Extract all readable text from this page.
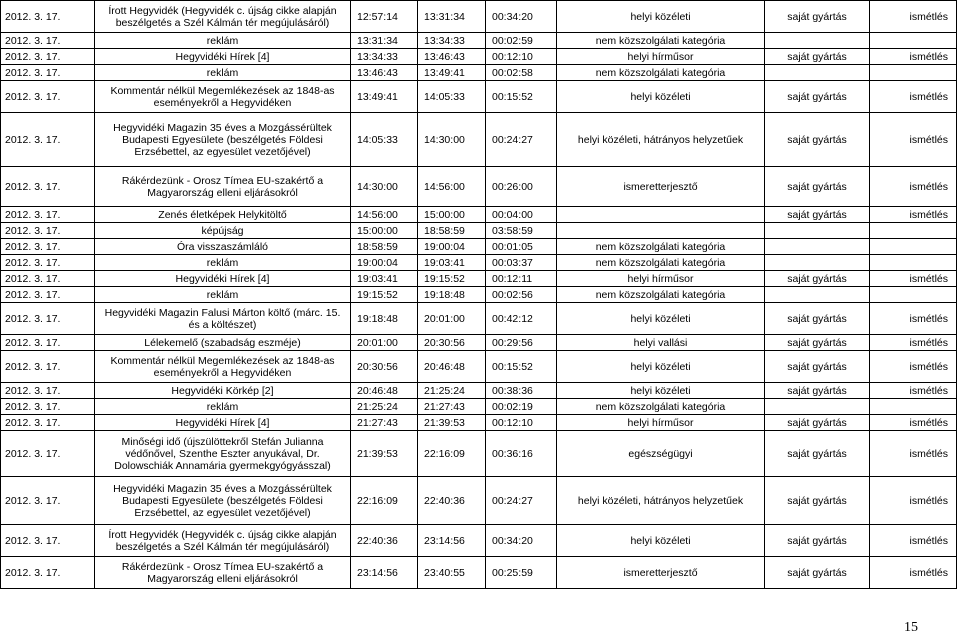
2012. 3. 17.	Írott Hegyvidék (Hegyvidék c. újság cikke alapján beszélgetés a Szél Kálmán tér megújulásáról)	12:57:14	13:31:34	00:34:20	helyi közéleti	saját gyártás	ismétlés
2012. 3. 17.	reklám	13:31:34	13:34:33	00:02:59	nem közszolgálati kategória		
2012. 3. 17.	Hegyvidéki Hírek [4]	13:34:33	13:46:43	00:12:10	helyi hírműsor	saját gyártás	ismétlés
2012. 3. 17.	reklám	13:46:43	13:49:41	00:02:58	nem közszolgálati kategória		
2012. 3. 17.	Kommentár nélkül Megemlékezések az 1848-as eseményekről a Hegyvidéken	13:49:41	14:05:33	00:15:52	helyi közéleti	saját gyártás	ismétlés
2012. 3. 17.	Hegyvidéki Magazin 35 éves a Mozgássérültek Budapesti Egyesülete (beszélgetés Földesi Erzsébettel, az egyesület vezetőjével)	14:05:33	14:30:00	00:24:27	helyi közéleti, hátrányos helyzetűek	saját gyártás	ismétlés
2012. 3. 17.	Rákérdezünk - Orosz Tímea EU-szakértő a Magyarország elleni eljárásokról	14:30:00	14:56:00	00:26:00	ismeretterjesztő	saját gyártás	ismétlés
2012. 3. 17.	Zenés életképek Helykitöltő	14:56:00	15:00:00	00:04:00		saját gyártás	ismétlés
2012. 3. 17.	képújság	15:00:00	18:58:59	03:58:59			
2012. 3. 17.	Óra visszaszámláló	18:58:59	19:00:04	00:01:05	nem közszolgálati kategória		
2012. 3. 17.	reklám	19:00:04	19:03:41	00:03:37	nem közszolgálati kategória		
2012. 3. 17.	Hegyvidéki Hírek [4]	19:03:41	19:15:52	00:12:11	helyi hírműsor	saját gyártás	ismétlés
2012. 3. 17.	reklám	19:15:52	19:18:48	00:02:56	nem közszolgálati kategória		
2012. 3. 17.	Hegyvidéki Magazin Falusi Márton költő (márc. 15. és a költészet)	19:18:48	20:01:00	00:42:12	helyi közéleti	saját gyártás	ismétlés
2012. 3. 17.	Lélekemelő (szabadság eszméje)	20:01:00	20:30:56	00:29:56	helyi vallási	saját gyártás	ismétlés
2012. 3. 17.	Kommentár nélkül Megemlékezések az 1848-as eseményekről a Hegyvidéken	20:30:56	20:46:48	00:15:52	helyi közéleti	saját gyártás	ismétlés
2012. 3. 17.	Hegyvidéki Körkép [2]	20:46:48	21:25:24	00:38:36	helyi közéleti	saját gyártás	ismétlés
2012. 3. 17.	reklám	21:25:24	21:27:43	00:02:19	nem közszolgálati kategória		
2012. 3. 17.	Hegyvidéki Hírek [4]	21:27:43	21:39:53	00:12:10	helyi hírműsor	saját gyártás	ismétlés
2012. 3. 17.	Minőségi idő (újszülöttekről Stefán Julianna védőnővel, Szenthe Eszter anyukával, Dr. Dolowschiák Annamária gyermekgyógyásszal)	21:39:53	22:16:09	00:36:16	egészségügyi	saját gyártás	ismétlés
2012. 3. 17.	Hegyvidéki Magazin 35 éves a Mozgássérültek Budapesti Egyesülete (beszélgetés Földesi Erzsébettel, az egyesület vezetőjével)	22:16:09	22:40:36	00:24:27	helyi közéleti, hátrányos helyzetűek	saját gyártás	ismétlés
2012. 3. 17.	Írott Hegyvidék (Hegyvidék c. újság cikke alapján beszélgetés a Szél Kálmán tér megújulásáról)	22:40:36	23:14:56	00:34:20	helyi közéleti	saját gyártás	ismétlés
2012. 3. 17.	Rákérdezünk - Orosz Tímea EU-szakértő a Magyarország elleni eljárásokról	23:14:56	23:40:55	00:25:59	ismeretterjesztő	saját gyártás	ismétlés
15
